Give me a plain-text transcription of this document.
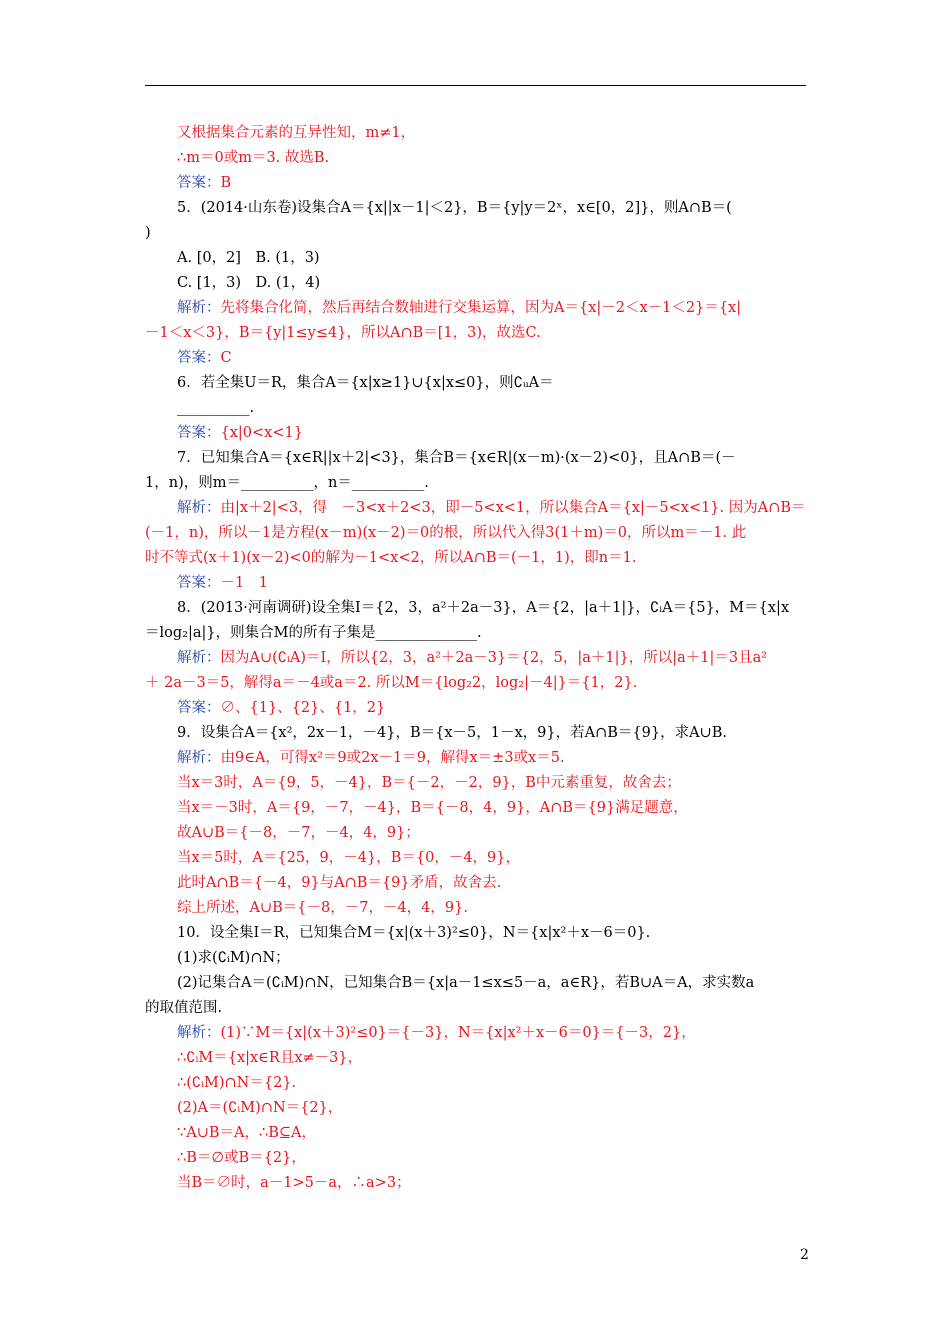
又根据集合元素的互异性知，m≠1，
∴m＝0或m＝3. 故选B.
答案：B
5．(2014·山东卷)设集合A＝{x||x－1|＜2}，B＝{y|y＝2ˣ，x∈[0，2]}，则A∩B＝(
)
A. [0，2]　B. (1，3)
C. [1，3)　D. (1，4)
解析：先将集合化简，然后再结合数轴进行交集运算，因为A＝{x|－2＜x－1＜2}＝{x|
－1＜x＜3}，B＝{y|1≤y≤4}，所以A∩B＝[1，3)，故选C.
答案：C
6．若全集U＝R，集合A＝{x|x≥1}∪{x|x≤0}，则∁ᵤA＝
__________.
答案：{x|0<x<1}
7．已知集合A＝{x∈R||x＋2|<3}，集合B＝{x∈R|(x－m)·(x－2)<0}，且A∩B＝(－
1，n)，则m＝__________，n＝__________.
解析：由|x＋2|<3，得　－3<x＋2<3，即－5<x<1，所以集合A＝{x|－5<x<1}. 因为A∩B＝
(－1，n)，所以－1是方程(x－m)(x－2)＝0的根，所以代入得3(1＋m)＝0，所以m＝－1. 此
时不等式(x＋1)(x－2)<0的解为－1<x<2，所以A∩B＝(－1，1)，即n＝1.
答案：－1　1
8．(2013·河南调研)设全集I＝{2，3，a²＋2a－3}，A＝{2，|a＋1|}，∁ᵢA＝{5}，M＝{x|x
＝log₂|a|}，则集合M的所有子集是______________.
解析：因为A∪(∁ᵢA)＝I，所以{2，3，a²＋2a－3}＝{2，5，|a＋1|}，所以|a＋1|＝3且a²
＋ 2a－3＝5，解得a＝－4或a＝2. 所以M＝{log₂2，log₂|－4|}＝{1，2}.
答案：∅、{1}、{2}、{1，2}
9．设集合A＝{x²，2x－1，－4}，B＝{x－5，1－x，9}，若A∩B＝{9}，求A∪B.
解析：由9∈A，可得x²＝9或2x－1＝9，解得x＝±3或x＝5.
当x＝3时，A＝{9，5，－4}，B＝{－2，－2，9}，B中元素重复，故舍去；
当x＝－3时，A＝{9，－7，－4}，B＝{－8，4，9}，A∩B＝{9}满足题意，
故A∪B＝{－8，－7，－4，4，9}；
当x＝5时，A＝{25，9，－4}，B＝{0，－4，9}，
此时A∩B＝{－4，9}与A∩B＝{9}矛盾，故舍去.
综上所述，A∪B＝{－8，－7，－4，4，9}.
10．设全集I＝R，已知集合M＝{x|(x＋3)²≤0}，N＝{x|x²＋x－6＝0}.
(1)求(∁ᵢM)∩N；
(2)记集合A＝(∁ᵢM)∩N，已知集合B＝{x|a－1≤x≤5－a，a∈R}，若B∪A＝A，求实数a
的取值范围.
解析：(1)∵M＝{x|(x＋3)²≤0}＝{－3}，N＝{x|x²＋x－6＝0}＝{－3，2}，
∴∁ᵢM＝{x|x∈R且x≠－3}，
∴(∁ᵢM)∩N＝{2}.
(2)A＝(∁ᵢM)∩N＝{2}，
∵A∪B＝A，∴B⊆A，
∴B＝∅或B＝{2}，
当B＝∅时，a－1>5－a，∴a>3；
2
